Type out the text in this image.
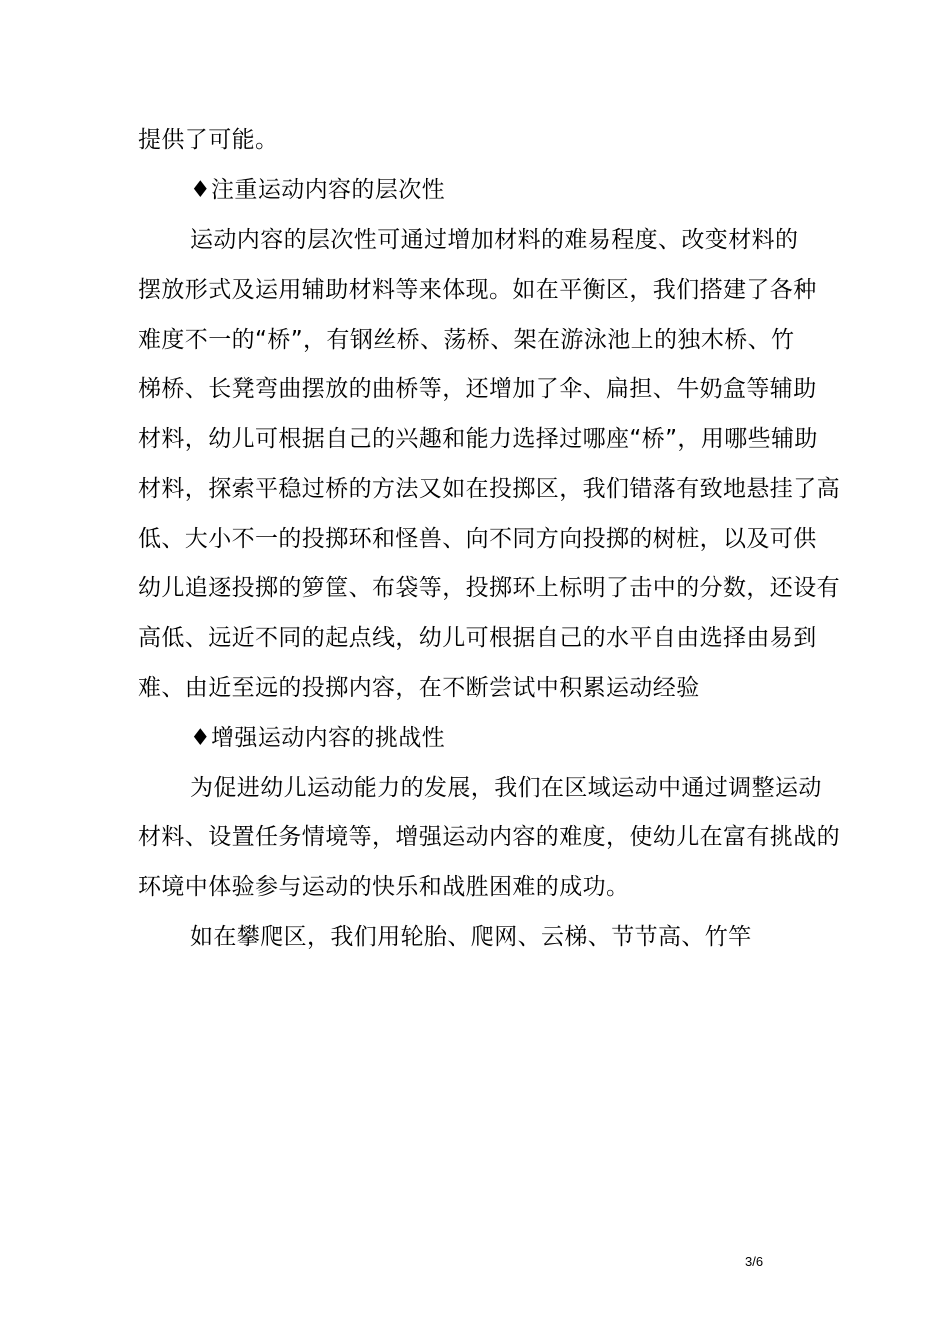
提供了可能。
♦注重运动内容的层次性
运动内容的层次性可通过增加材料的难易程度、改变材料的
摆放形式及运用辅助材料等来体现。如在平衡区，我们搭建了各种
难度不一的“桥”，有钢丝桥、荡桥、架在游泳池上的独木桥、竹
梯桥、长凳弯曲摆放的曲桥等，还增加了伞、扁担、牛奶盒等辅助
材料，幼儿可根据自己的兴趣和能力选择过哪座“桥”，用哪些辅助
材料，探索平稳过桥的方法又如在投掷区，我们错落有致地悬挂了高
低、大小不一的投掷环和怪兽、向不同方向投掷的树桩，以及可供
幼儿追逐投掷的箩筐、布袋等，投掷环上标明了击中的分数，还设有
高低、远近不同的起点线，幼儿可根据自己的水平自由选择由易到
难、由近至远的投掷内容，在不断尝试中积累运动经验
♦增强运动内容的挑战性
为促进幼儿运动能力的发展，我们在区域运动中通过调整运动
材料、设置任务情境等，增强运动内容的难度，使幼儿在富有挑战的
环境中体验参与运动的快乐和战胜困难的成功。
如在攀爬区，我们用轮胎、爬网、云梯、节节高、竹竿
3/6
